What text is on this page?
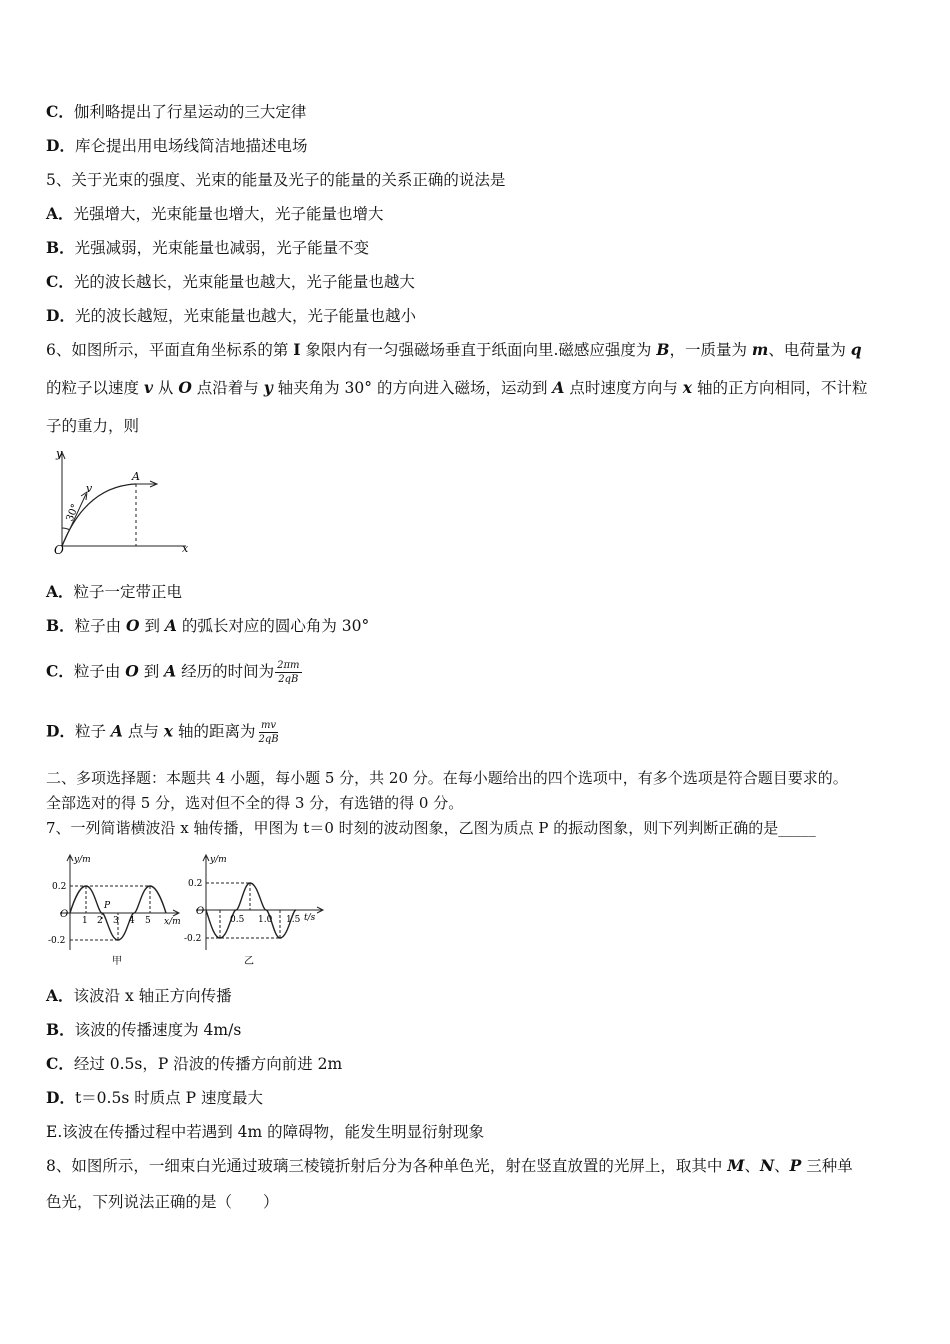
C．伽利略提出了行星运动的三大定律
D．库仑提出用电场线简洁地描述电场
5、关于光束的强度、光束的能量及光子的能量的关系正确的说法是
A．光强增大，光束能量也增大，光子能量也增大
B．光强减弱，光束能量也减弱，光子能量不变
C．光的波长越长，光束能量也越大，光子能量也越大
D．光的波长越短，光束能量也越大，光子能量也越小
6、如图所示，平面直角坐标系的第 I 象限内有一匀强磁场垂直于纸面向里.磁感应强度为 B，一质量为 m、电荷量为 q
的粒子以速度 v 从 O 点沿着与 y 轴夹角为 30° 的方向进入磁场，运动到 A 点时速度方向与 x 轴的正方向相同，不计粒
子的重力，则
y
x
O
A
v
30°
A．粒子一定带正电
B．粒子由 O 到 A 的弧长对应的圆心角为 30°
C．粒子由 O 到 A 经历的时间为 $\frac{2\pi m}{2qB}$
D．粒子 A 点与 x 轴的距离为 $\frac{mv}{2qB}$
二、多项选择题：本题共 4 小题，每小题 5 分，共 20 分。在每小题给出的四个选项中，有多个选项是符合题目要求的。
全部选对的得 5 分，选对但不全的得 3 分，有选错的得 0 分。
7、一列简谐横波沿 x 轴传播，甲图为 t＝0 时刻的波动图象，乙图为质点 P 的振动图象，则下列判断正确的是_____
y/m
x/m
0.2
-0.2
O
1 2 3 4 5
P
甲
y/m
t/s
0.2
-0.2
O
0.5 1.0 1.5
乙
A．该波沿 x 轴正方向传播
B．该波的传播速度为 4m/s
C．经过 0.5s，P 沿波的传播方向前进 2m
D．t＝0.5s 时质点 P 速度最大
E.该波在传播过程中若遇到 4m 的障碍物，能发生明显衍射现象
8、如图所示，一细束白光通过玻璃三棱镜折射后分为各种单色光，射在竖直放置的光屏上，取其中 M、N、P 三种单
色光，下列说法正确的是（　　）
